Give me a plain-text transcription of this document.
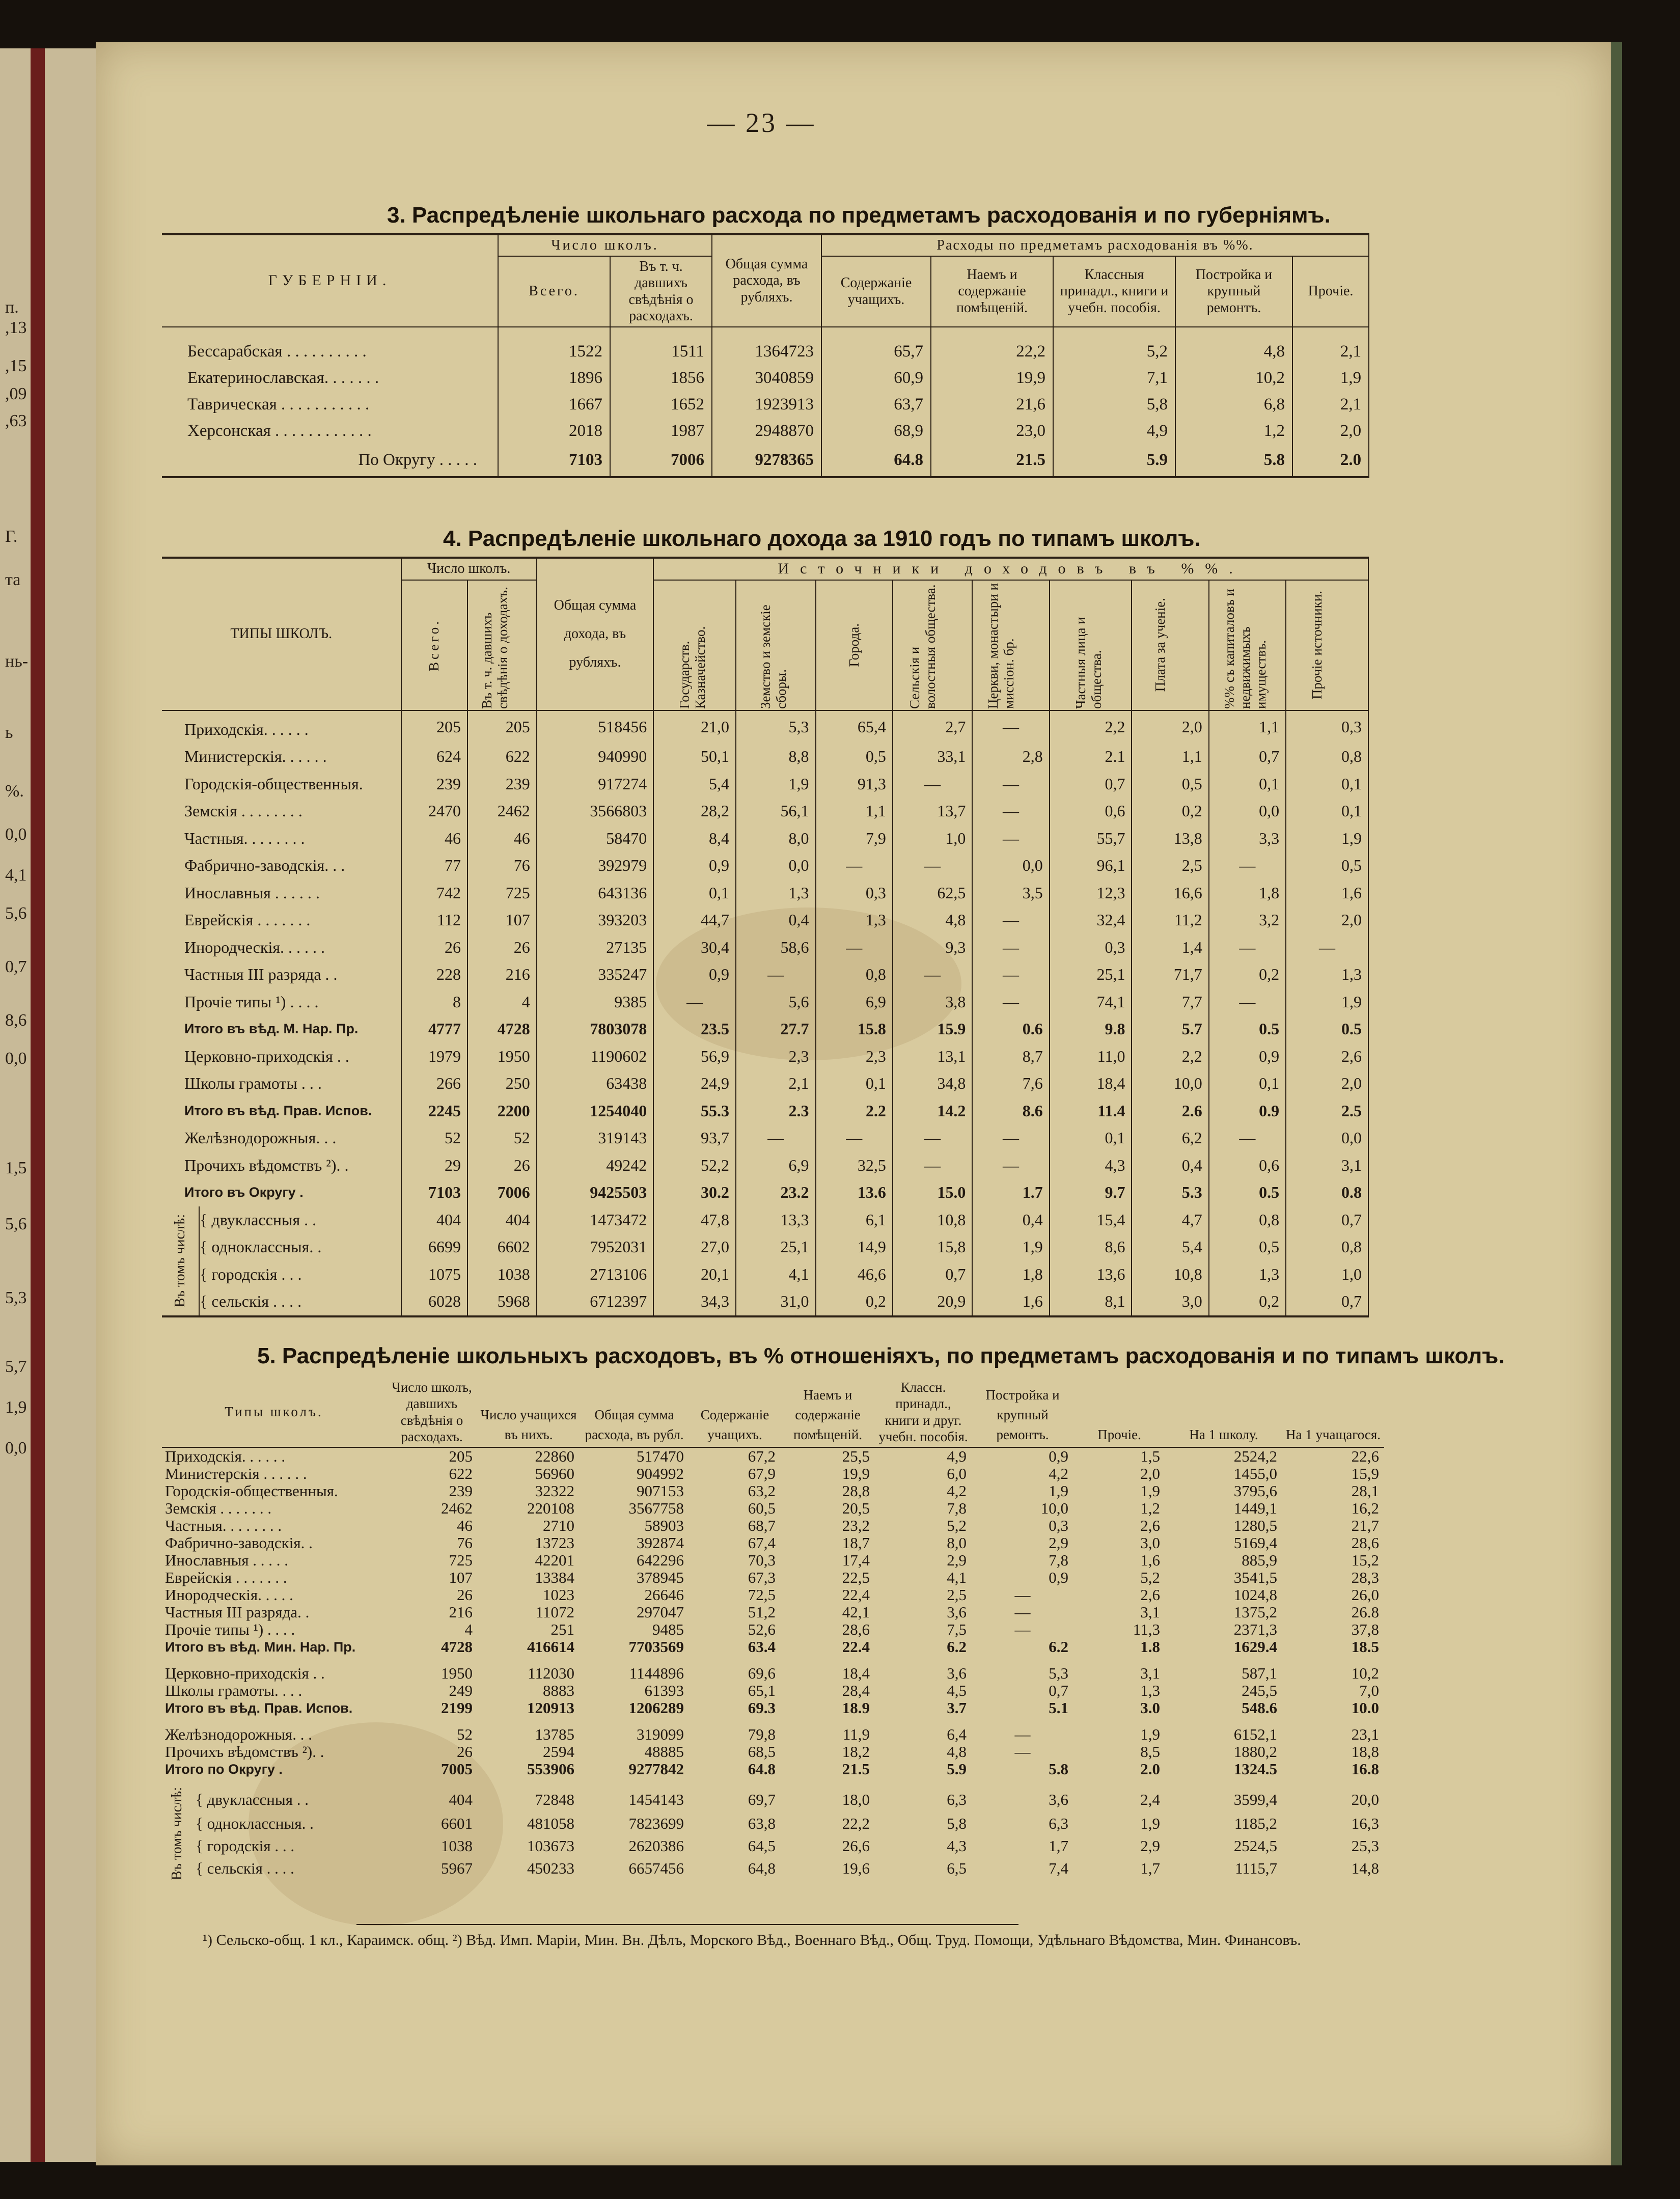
п.
,13
,15
,09
,63
Г.
та
нь-
ь
%.
0,0
4,1
5,6
0,7
8,6
0,0
1,5
5,6
5,3
5,7
1,9
0,0
— 23 —
3. Распредѣленіе школьнаго расхода по предметамъ расходованія и по губерніямъ.
ГУБЕРНІИ.	Число школъ.		Общая сумма расхода, въ рубляхъ.	Расходы по предметамъ расходованія въ %%.				
	Всего.	Въ т. ч. давшихъ свѣдѣнія о расходахъ.		Содержаніе учащихъ.	Наемъ и содержаніе помѣщеній.	Классныя принадл., книги и учебн. пособія.	Постройка и крупный ремонтъ.	Прочіе.
Бессарабская . . . . . . . . . .	1522	1511	1364723	65,7	22,2	5,2	4,8	2,1
Екатеринославская. . . . . . .	1896	1856	3040859	60,9	19,9	7,1	10,2	1,9
Таврическая . . . . . . . . . . .	1667	1652	1923913	63,7	21,6	5,8	6,8	2,1
Херсонская . . . . . . . . . . . .	2018	1987	2948870	68,9	23,0	4,9	1,2	2,0
По Округу . . . . .	7103	7006	9278365	64.8	21.5	5.9	5.8	2.0
4. Распредѣленіе школьнаго дохода за 1910 годъ по типамъ школъ.
ТИПЫ ШКОЛЪ.		Число школъ.		Общая сумма дохода, въ рубляхъ.	Источники доходовъ въ %%.								

		Всего.	Въ т. ч. давшихъ свѣдѣнія о доходахъ.		Государств. Казначейство.	Земство и земскіе сборы.	Города.	Сельскія и волостныя общества.	Церкви, монастыри и миссіон. бр.	Частныя лица и общества.	Плата за ученіе.	%% съ капиталовъ и недвижимыхъ имуществъ.	Прочіе источники.

Приходскія. . . . . .		205	205	518456	21,0	5,3	65,4	2,7	—	2,2	2,0	1,1	0,3
Министерскія. . . . . .		624	622	940990	50,1	8,8	0,5	33,1	2,8	2.1	1,1	0,7	0,8
Городскія-общественныя.		239	239	917274	5,4	1,9	91,3	—	—	0,7	0,5	0,1	0,1
Земскія . . . . . . . .		2470	2462	3566803	28,2	56,1	1,1	13,7	—	0,6	0,2	0,0	0,1
Частныя. . . . . . . .		46	46	58470	8,4	8,0	7,9	1,0	—	55,7	13,8	3,3	1,9
Фабрично-заводскія. . .		77	76	392979	0,9	0,0	—	—	0,0	96,1	2,5	—	0,5
Инославныя . . . . . .		742	725	643136	0,1	1,3	0,3	62,5	3,5	12,3	16,6	1,8	1,6
Еврейскія . . . . . . .		112	107	393203	44,7	0,4	1,3	4,8	—	32,4	11,2	3,2	2,0
Инородческія. . . . . .		26	26	27135	30,4	58,6	—	9,3	—	0,3	1,4	—	—
Частныя III разряда . .		228	216	335247	0,9	—	0,8	—	—	25,1	71,7	0,2	1,3
Прочіе типы ¹) . . . .		8	4	9385	—	5,6	6,9	3,8	—	74,1	7,7	—	1,9
Итого въ вѣд. М. Нар. Пр.		4777	4728	7803078	23.5	27.7	15.8	15.9	0.6	9.8	5.7	0.5	0.5
Церковно-приходскія . .		1979	1950	1190602	56,9	2,3	2,3	13,1	8,7	11,0	2,2	0,9	2,6
Школы грамоты . . .		266	250	63438	24,9	2,1	0,1	34,8	7,6	18,4	10,0	0,1	2,0
Итого въ вѣд. Прав. Испов.		2245	2200	1254040	55.3	2.3	2.2	14.2	8.6	11.4	2.6	0.9	2.5
Желѣзнодорожныя. . .		52	52	319143	93,7	—	—	—	—	0,1	6,2	—	0,0
Прочихъ вѣдомствъ ²). .		29	26	49242	52,2	6,9	32,5	—	—	4,3	0,4	0,6	3,1
Итого въ Округу .		7103	7006	9425503	30.2	23.2	13.6	15.0	1.7	9.7	5.3	0.5	0.8

Въ томъ числѣ:	{ двуклассныя . .	404	404	1473472	47,8	13,3	6,1	10,8	0,4	15,4	4,7	0,8	0,7
	{ одноклассныя. .	6699	6602	7952031	27,0	25,1	14,9	15,8	1,9	8,6	5,4	0,5	0,8
	{ городскія . . .	1075	1038	2713106	20,1	4,1	46,6	0,7	1,8	13,6	10,8	1,3	1,0
	{ сельскія . . . .	6028	5968	6712397	34,3	31,0	0,2	20,9	1,6	8,1	3,0	0,2	0,7
5. Распредѣленіе школьныхъ расходовъ, въ % отношеніяхъ, по предметамъ расходованія и по типамъ школъ.
Типы школъ.		Число школъ, давшихъ свѣдѣнія о расходахъ.	Число учащихся въ нихъ.	Общая сумма расхода, въ рубл.	Содержаніе учащихъ.	Наемъ и содержаніе помѣщеній.	Классн. принадл., книги и друг. учебн. пособія.	Постройка и крупный ремонтъ.	Прочіе.	На 1 школу.	На 1 учащагося.
Приходскія. . . . . .		205	22860	517470	67,2	25,5	4,9	0,9	1,5	2524,2	22,6
Министерскія . . . . . .		622	56960	904992	67,9	19,9	6,0	4,2	2,0	1455,0	15,9
Городскія-общественныя.		239	32322	907153	63,2	28,8	4,2	1,9	1,9	3795,6	28,1
Земскія . . . . . . .		2462	220108	3567758	60,5	20,5	7,8	10,0	1,2	1449,1	16,2
Частныя. . . . . . . .		46	2710	58903	68,7	23,2	5,2	0,3	2,6	1280,5	21,7
Фабрично-заводскія. .		76	13723	392874	67,4	18,7	8,0	2,9	3,0	5169,4	28,6
Инославныя . . . . .		725	42201	642296	70,3	17,4	2,9	7,8	1,6	885,9	15,2
Еврейскія . . . . . . .		107	13384	378945	67,3	22,5	4,1	0,9	5,2	3541,5	28,3
Инородческія. . . . .		26	1023	26646	72,5	22,4	2,5	—	2,6	1024,8	26,0
Частныя III разряда. .		216	11072	297047	51,2	42,1	3,6	—	3,1	1375,2	26.8
Прочіе типы ¹) . . . .		4	251	9485	52,6	28,6	7,5	—	11,3	2371,3	37,8
Итого въ вѣд. Мин. Нар. Пр.		4728	416614	7703569	63.4	22.4	6.2	6.2	1.8	1629.4	18.5
Церковно-приходскія . .		1950	112030	1144896	69,6	18,4	3,6	5,3	3,1	587,1	10,2
Школы грамоты. . . .		249	8883	61393	65,1	28,4	4,5	0,7	1,3	245,5	7,0
Итого въ вѣд. Прав. Испов.		2199	120913	1206289	69.3	18.9	3.7	5.1	3.0	548.6	10.0
Желѣзнодорожныя. . .		52	13785	319099	79,8	11,9	6,4	—	1,9	6152,1	23,1
Прочихъ вѣдомствъ ²). .		26	2594	48885	68,5	18,2	4,8	—	8,5	1880,2	18,8
Итого по Округу .		7005	553906	9277842	64.8	21.5	5.9	5.8	2.0	1324.5	16.8

Въ томъ числѣ:	{ двуклассныя . .	404	72848	1454143	69,7	18,0	6,3	3,6	2,4	3599,4	20,0
	{ одноклассныя. .	6601	481058	7823699	63,8	22,2	5,8	6,3	1,9	1185,2	16,3
	{ городскія . . .	1038	103673	2620386	64,5	26,6	4,3	1,7	2,9	2524,5	25,3
	{ сельскія . . . .	5967	450233	6657456	64,8	19,6	6,5	7,4	1,7	1115,7	14,8
¹) Сельско-общ. 1 кл., Караимск. общ. ²) Вѣд. Имп. Маріи, Мин. Вн. Дѣлъ, Морского Вѣд., Военнаго Вѣд., Общ. Труд. Помощи, Удѣльнаго Вѣдомства, Мин. Финансовъ.
